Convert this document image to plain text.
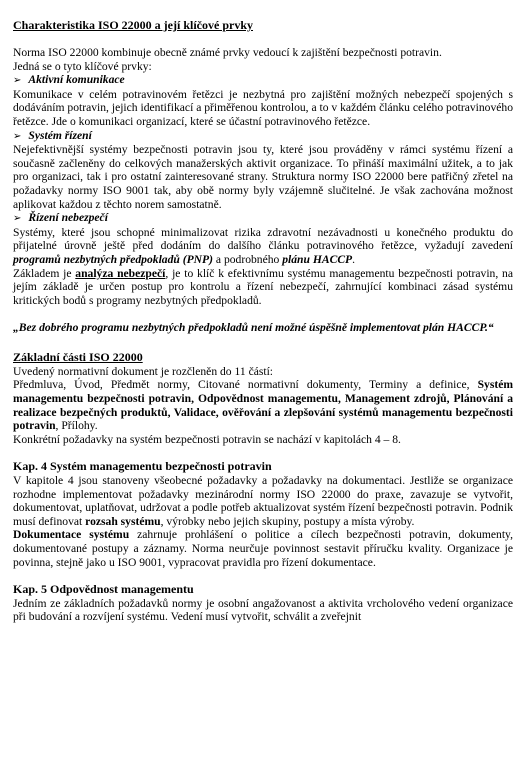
Charakteristika ISO 22000 a její klíčové prvky

Norma ISO 22000 kombinuje obecně známé prvky vedoucí k zajištění bezpečnosti potravin.

Jedná se o tyto klíčové prvky:

➢ Aktivní komunikace

Komunikace v celém potravinovém řetězci je nezbytná pro zajištění možných nebezpečí spojených s dodáváním potravin, jejich identifikací a přiměřenou kontrolou, a to v každém článku celého potravinového řetězce. Jde o komunikaci organizací, které se účastní potravinového řetězce.

➢ Systém řízení

Nejefektivnější systémy bezpečnosti potravin jsou ty, které jsou prováděny v rámci systému řízení a současně začleněny do celkových manažerských aktivit organizace. To přináší maximální užitek, a to jak pro organizaci, tak i pro ostatní zainteresované strany. Struktura normy ISO 22000 bere patřičný zřetel na požadavky normy ISO 9001 tak, aby obě normy byly vzájemně slučitelné. Je však zachována možnost aplikovat každou z těchto norem samostatně.

➢ Řízení nebezpečí

Systémy, které jsou schopné minimalizovat rizika zdravotní nezávadnosti u konečného produktu do přijatelné úrovně ještě před dodáním do dalšího článku potravinového řetězce, vyžadují zavedení programů nezbytných předpokladů (PNP) a podrobného plánu HACCP.

Základem je analýza nebezpečí, je to klíč k efektivnímu systému managementu bezpečnosti potravin, na jejím základě je určen postup pro kontrolu a řízení nebezpečí, zahrnující kombinaci zásad systému kritických bodů s programy nezbytných předpokladů.

„Bez dobrého programu nezbytných předpokladů není možné úspěšně implementovat plán HACCP.“

Základní části ISO 22000

Uvedený normativní dokument je rozčleněn do 11 částí:

Předmluva, Úvod, Předmět normy, Citované normativní dokumenty, Terminy a definice, Systém managementu bezpečnosti potravin, Odpovědnost managementu, Management zdrojů, Plánování a realizace bezpečných produktů, Validace, ověřování a zlepšování systémů managementu bezpečnosti potravin, Přílohy.

Konkrétní požadavky na systém bezpečnosti potravin se nachází v kapitolách 4 – 8.

Kap. 4 Systém managementu bezpečnosti potravin

V kapitole 4 jsou stanoveny všeobecné požadavky a požadavky na dokumentaci. Jestliže se organizace rozhodne implementovat požadavky mezinárodní normy ISO 22000 do praxe, zavazuje se vytvořit, dokumentovat, uplatňovat, udržovat a podle potřeb aktualizovat systém řízení bezpečnosti potravin. Podnik musí definovat rozsah systému, výrobky nebo jejich skupiny, postupy a místa výroby.

Dokumentace systému zahrnuje prohlášení o politice a cílech bezpečnosti potravin, dokumenty, dokumentované postupy a záznamy. Norma neurčuje povinnost sestavit příručku kvality. Organizace je povinna, stejně jako u ISO 9001, vypracovat pravidla pro řízení dokumentace.

Kap. 5 Odpovědnost managementu

Jedním ze základních požadavků normy je osobní angažovanost a aktivita vrcholového vedení organizace při budování a rozvíjení systému. Vedení musí vytvořit, schválit a zveřejnit
